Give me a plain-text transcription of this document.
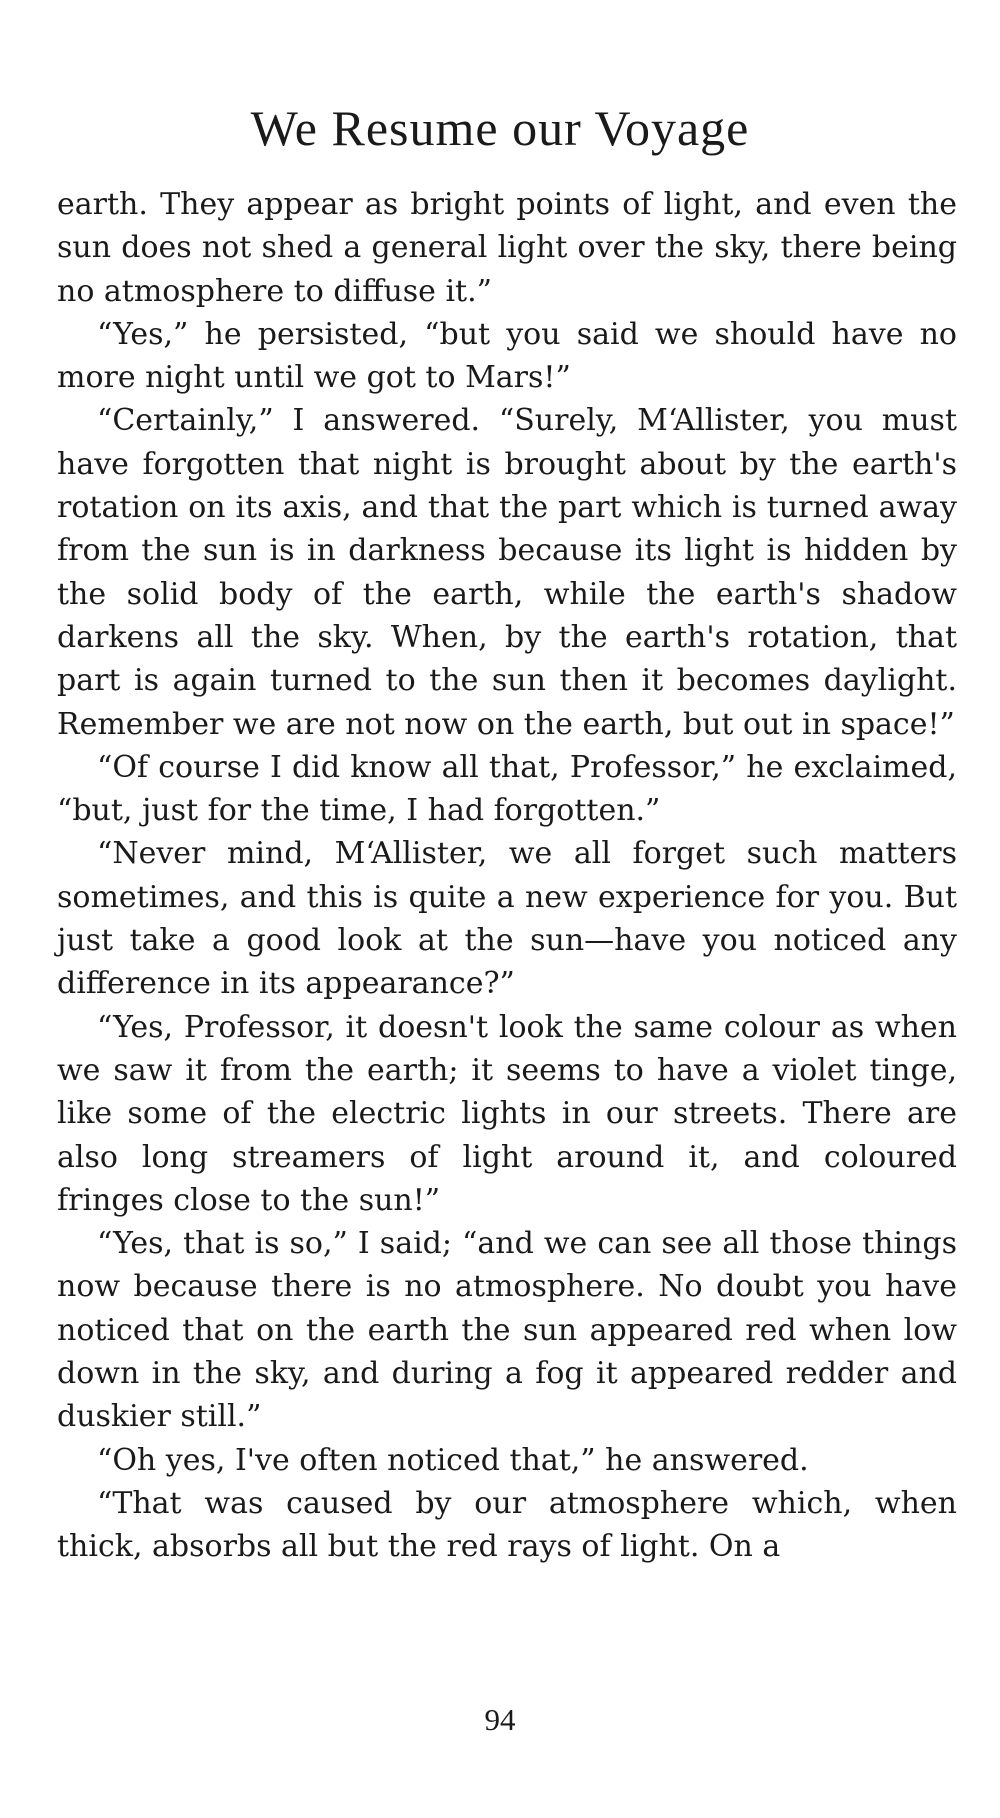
We Resume our Voyage

earth. They appear as bright points of light, and even the sun does not shed a general light over the sky, there being no atmosphere to diffuse it.”

“Yes,” he persisted, “but you said we should have no more night until we got to Mars!”

“Certainly,” I answered. “Surely, M‘Allister, you must have forgotten that night is brought about by the earth's rotation on its axis, and that the part which is turned away from the sun is in darkness because its light is hidden by the solid body of the earth, while the earth's shadow darkens all the sky. When, by the earth's rotation, that part is again turned to the sun then it becomes daylight. Remember we are not now on the earth, but out in space!”

“Of course I did know all that, Professor,” he exclaimed, “but, just for the time, I had forgotten.”

“Never mind, M‘Allister, we all forget such matters sometimes, and this is quite a new experience for you. But just take a good look at the sun—have you noticed any difference in its appearance?”

“Yes, Professor, it doesn't look the same colour as when we saw it from the earth; it seems to have a violet tinge, like some of the electric lights in our streets. There are also long streamers of light around it, and coloured fringes close to the sun!”

“Yes, that is so,” I said; “and we can see all those things now because there is no atmosphere. No doubt you have noticed that on the earth the sun appeared red when low down in the sky, and during a fog it appeared redder and duskier still.”

“Oh yes, I've often noticed that,” he answered.

“That was caused by our atmosphere which, when thick, absorbs all but the red rays of light. On a

94
